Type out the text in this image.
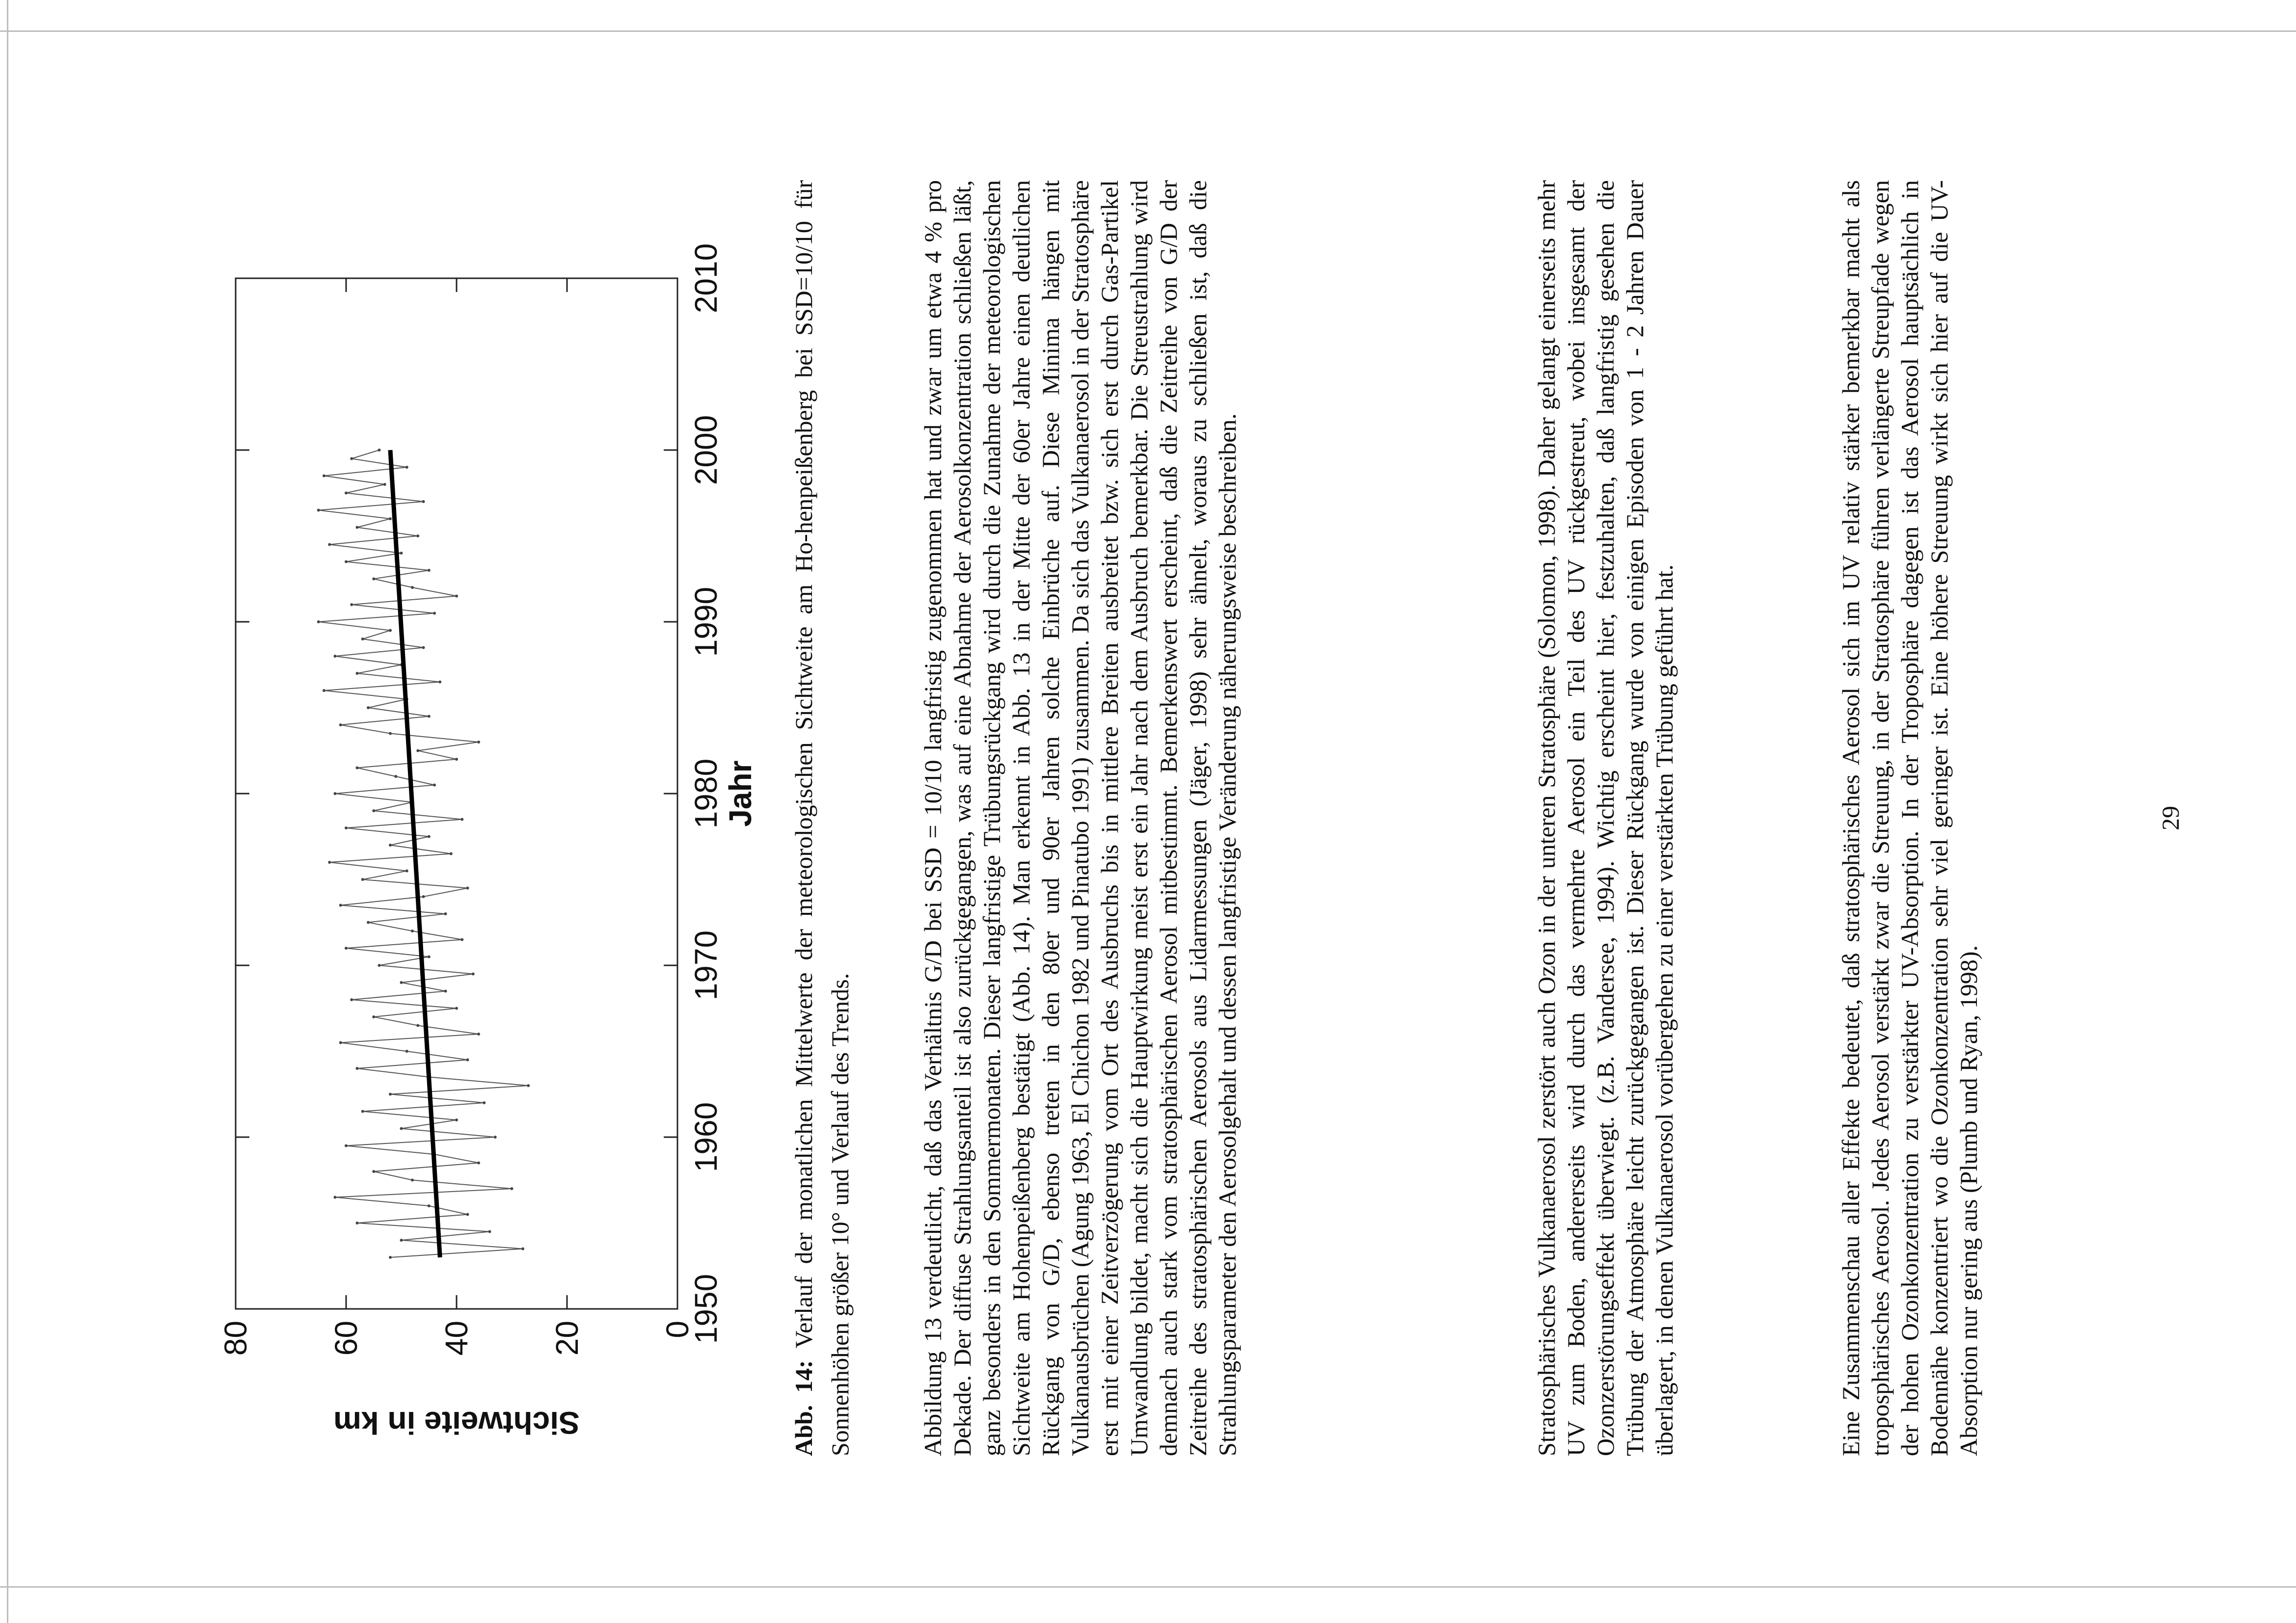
1950
1960
1970
1980
1990
2000
2010
0
20
40
60
80
Jahr
Sichtweite in km	Abb. 14: Verlauf der monatlichen Mittelwerte der meteorologischen Sichtweite am Ho-henpeißenberg bei SSD=10/10 für Sonnenhöhen größer 10° und Verlauf des Trends.	Abbildung 13 verdeutlicht, daß das Verhältnis G/D bei SSD = 10/10 langfristig zugenommen hat und zwar um etwa 4 % pro Dekade. Der diffuse Strahlungsanteil ist also zurückgegangen, was auf eine Abnahme der Aerosolkonzentration schließen läßt, ganz besonders in den Sommermonaten. Dieser langfristige Trübungsrückgang wird durch die Zunahme der meteorologischen Sichtweite am Hohenpeißenberg bestätigt (Abb. 14). Man erkennt in Abb. 13 in der Mitte der 60er Jahre einen deutlichen Rückgang von G/D, ebenso treten in den 80er und 90er Jahren solche Einbrüche auf. Diese Minima hängen mit Vulkanausbrüchen (Agung 1963, El Chichon 1982 und Pinatubo 1991) zusammen. Da sich das Vulkanaerosol in der Stratosphäre erst mit einer Zeitverzögerung vom Ort des Ausbruchs bis in mittlere Breiten ausbreitet bzw. sich erst durch Gas-Partikel Umwandlung bildet, macht sich die Hauptwirkung meist erst ein Jahr nach dem Ausbruch bemerkbar. Die Streustrahlung wird demnach auch stark vom stratosphärischen Aerosol mitbestimmt. Bemerkenswert erscheint, daß die Zeitreihe von G/D der Zeitreihe des stratosphärischen Aerosols aus Lidarmessungen (Jäger, 1998) sehr ähnelt, woraus zu schließen ist, daß die Strahlungsparameter den Aerosolgehalt und dessen langfristige Veränderung näherungsweise beschreiben.	Stratosphärisches Vulkanaerosol zerstört auch Ozon in der unteren Stratosphäre (Solomon, 1998). Daher gelangt einerseits mehr UV zum Boden, andererseits wird durch das vermehrte Aerosol ein Teil des UV rückgestreut, wobei insgesamt der Ozonzerstörungseffekt überwiegt. (z.B. Vandersee, 1994). Wichtig erscheint hier, festzuhalten, daß langfristig gesehen die Trübung der Atmosphäre leicht zurückgegangen ist. Dieser Rückgang wurde von einigen Episoden von 1 - 2 Jahren Dauer überlagert, in denen Vulkanaerosol vorübergehen zu einer verstärkten Trübung geführt hat.	Eine Zusammenschau aller Effekte bedeutet, daß stratosphärisches Aerosol sich im UV relativ stärker bemerkbar macht als troposphärisches Aerosol. Jedes Aerosol verstärkt zwar die Streuung, in der Stratosphäre führen verlängerte Streupfade wegen der hohen Ozonkonzentration zu verstärkter UV-Absorption. In der Troposphäre dagegen ist das Aerosol hauptsächlich in Bodennähe konzentriert wo die Ozonkonzentration sehr viel geringer ist. Eine höhere Streuung wirkt sich hier auf die UV-Absorption nur gering aus (Plumb und Ryan, 1998).
29
